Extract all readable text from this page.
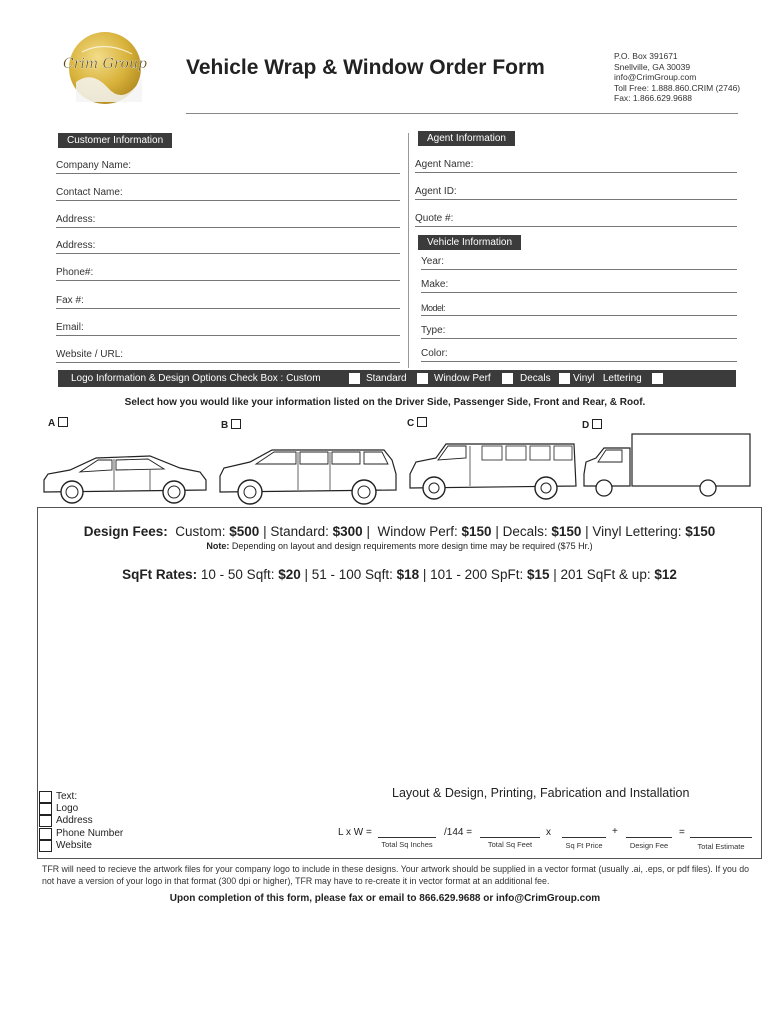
Crim Group Vehicle Wrap & Window Order Form	P.O. Box 391671
Snellville, GA 30039
info@CrimGroup.com
Toll Free: 1.888.860.CRIM (2746)
Fax: 1.866.629.9688
Customer Information
Company Name:
Contact Name:
Address:
Address:
Phone#:
Fax #:
Email:
Website / URL:
Agent Information
Agent Name:
Agent ID:
Quote #:
Vehicle Information
Year:
Make:
Model:
Type:
Color:
Logo Information & Design Options Check Box : Custom	Standard	Window Perf	Decals Vinyl   Lettering
Select how you would like your information listed on the Driver Side, Passenger Side, Front and Rear, & Roof.
A	B	C	D
Design Fees: Custom: $500 | Standard: $300 |  Window Perf: $150 | Decals: $150 | Vinyl Lettering: $150
Note: Depending on layout and design requirements more design time may be required ($75 Hr.)
SqFt Rates: 10 - 50 Sqft: $20 | 51 - 100 Sqft: $18 | 101 - 200 SpFt: $15 | 201 SqFt & up: $12
Text:
Logo
Address
Phone Number
Website
Layout & Design, Printing, Fabrication and Installation
L x W =	/144 =	x	+	=
Total Sq Inches	Total Sq Feet	Sq Ft Price	Design Fee	Total Estimate
TFR will need to recieve the artwork files for your company logo to include in these designs. Your artwork should be supplied in a vector format (usually .ai, .eps, or pdf files). If you do not have a version of your logo in that format (300 dpi or higher), TFR may have to re-create it in vector format at an additional fee.
Upon completion of this form, please fax or email to 866.629.9688 or info@CrimGroup.com
